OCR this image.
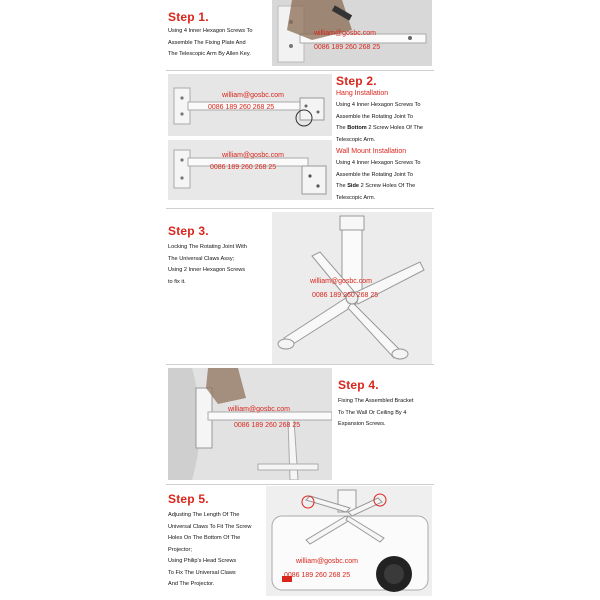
Step 1.
Using 4 Inner Hexagon Screws To
Assemble The Fixing Plate And
The Telescopic Arm By Allen Key.
william@gosbc.com
0086 189 260 268 25
william@gosbc.com
0086 189 260 268 25
william@gosbc.com
0086 189 260 268 25
Step 2.
Hang Installation
Using 4 Inner Hexagon Screws To
Assemble the Rotating Joint To
The Bottom 2 Screw Holes Of The
Telescopic Arm.
Wall Mount Installation
Using 4 Inner Hexagon Screws To
Assemble the Rotating Joint To
The Side 2 Screw Holes Of The
Telescopic Arm.
Step 3.
Locking The Rotating Joint With
The Universal Claws Assy;
Using 2 Inner Hexagon Screws
to fix it.	william@gosbc.com
0086 189 260 268 25
william@gosbc.com
0086 189 260 268 25
Step 4.
Fixing The Assembled Bracket
To The Wall Or Ceiling By 4
Expansion Screws.
Step 5.
Adjusting The Length Of The
Universal Claws To Fit The Screw
Holes On The Bottom Of The
Projector;
Using Philip's Head Screws
To Fix The Universal Claws
And The Projector.
william@gosbc.com
0086 189 260 268 25
